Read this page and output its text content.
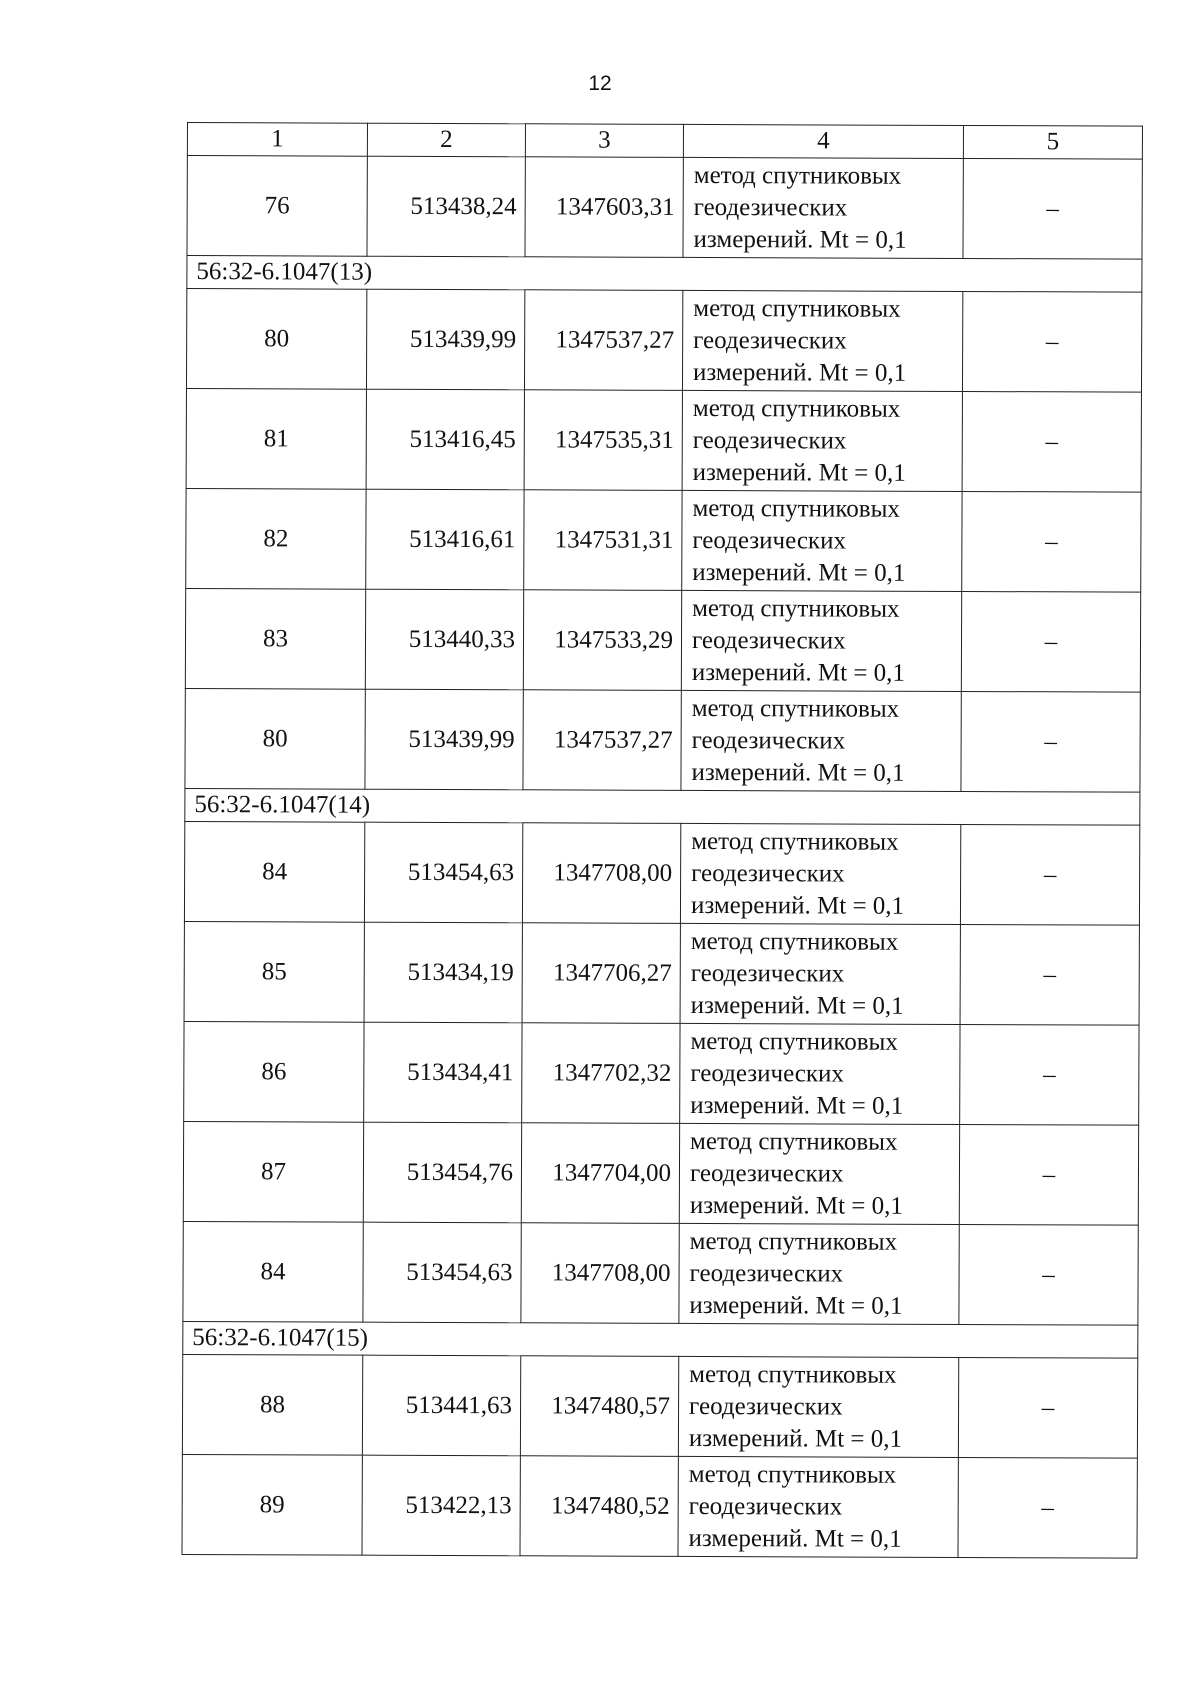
12
1	2	3	4	5
76	513438,24	1347603,31	метод спутниковых
геодезических
измерений. Mt = 0,1	–
56:32-6.1047(13)				
80	513439,99	1347537,27	метод спутниковых
геодезических
измерений. Mt = 0,1	–
81	513416,45	1347535,31	метод спутниковых
геодезических
измерений. Mt = 0,1	–
82	513416,61	1347531,31	метод спутниковых
геодезических
измерений. Mt = 0,1	–
83	513440,33	1347533,29	метод спутниковых
геодезических
измерений. Mt = 0,1	–
80	513439,99	1347537,27	метод спутниковых
геодезических
измерений. Mt = 0,1	–
56:32-6.1047(14)				
84	513454,63	1347708,00	метод спутниковых
геодезических
измерений. Mt = 0,1	–
85	513434,19	1347706,27	метод спутниковых
геодезических
измерений. Mt = 0,1	–
86	513434,41	1347702,32	метод спутниковых
геодезических
измерений. Mt = 0,1	–
87	513454,76	1347704,00	метод спутниковых
геодезических
измерений. Mt = 0,1	–
84	513454,63	1347708,00	метод спутниковых
геодезических
измерений. Mt = 0,1	–
56:32-6.1047(15)				
88	513441,63	1347480,57	метод спутниковых
геодезических
измерений. Mt = 0,1	–
89	513422,13	1347480,52	метод спутниковых
геодезических
измерений. Mt = 0,1	–
